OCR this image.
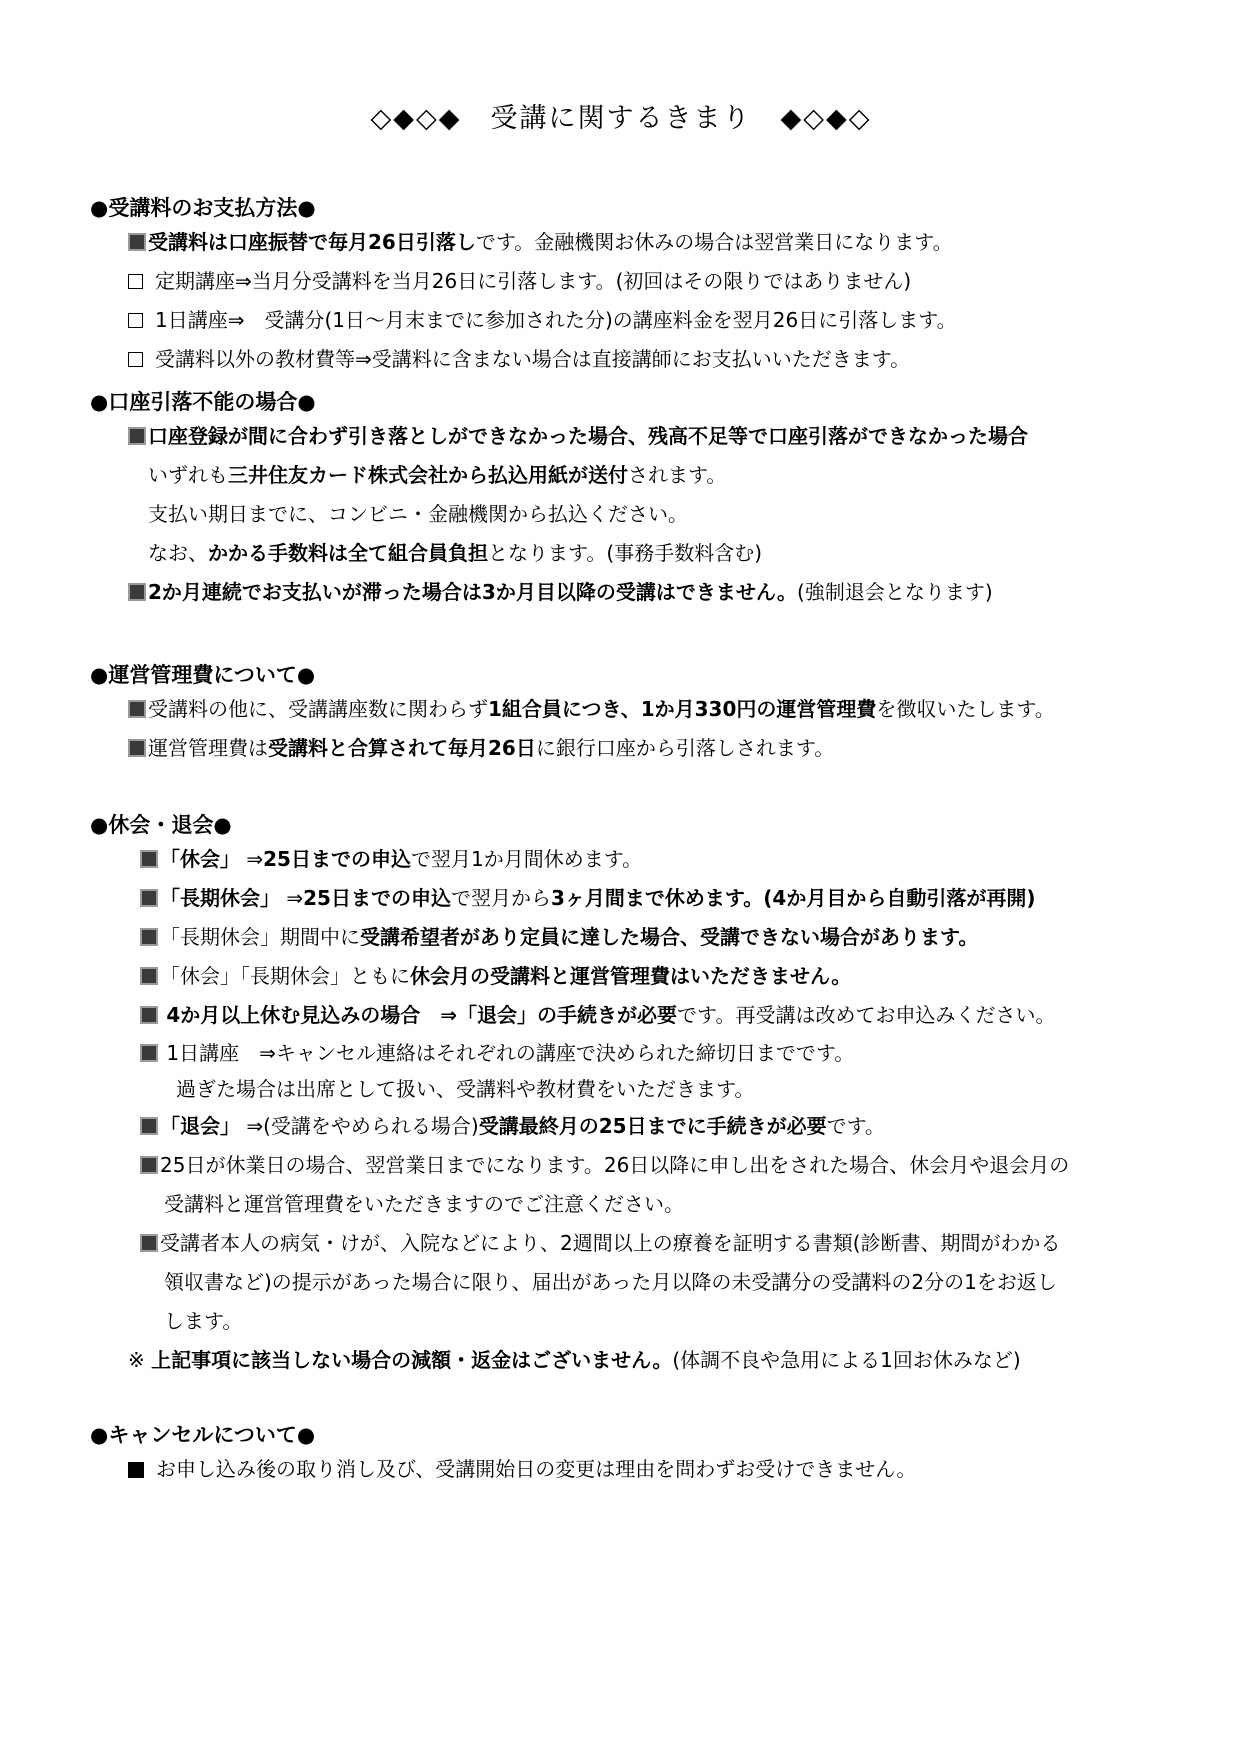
◇◆◇◆　受講に関するきまり　◆◇◆◇
●受講料のお支払方法●
受講料は口座振替で毎月26日引落しです。金融機関お休みの場合は翌営業日になります。
定期講座⇒当月分受講料を当月26日に引落します。(初回はその限りではありません)
1日講座⇒　受講分(1日～月末までに参加された分)の講座料金を翌月26日に引落します。
受講料以外の教材費等⇒受講料に含まない場合は直接講師にお支払いいただきます。
●口座引落不能の場合●
口座登録が間に合わず引き落としができなかった場合、残高不足等で口座引落ができなかった場合
いずれも三井住友カード株式会社から払込用紙が送付されます。
支払い期日までに、コンビニ・金融機関から払込ください。
なお、かかる手数料は全て組合員負担となります。(事務手数料含む)
2か月連続でお支払いが滞った場合は3か月目以降の受講はできません。(強制退会となります)
●運営管理費について●
受講料の他に、受講講座数に関わらず1組合員につき、1か月330円の運営管理費を徴収いたします。
運営管理費は受講料と合算されて毎月26日に銀行口座から引落しされます。
●休会・退会●
「休会」 ⇒25日までの申込で翌月1か月間休めます。
「長期休会」 ⇒25日までの申込で翌月から3ヶ月間まで休めます。(4か月目から自動引落が再開)
「長期休会」期間中に受講希望者があり定員に達した場合、受講できない場合があります。
「休会」「長期休会」ともに休会月の受講料と運営管理費はいただきません。
4か月以上休む見込みの場合　⇒「退会」の手続きが必要です。再受講は改めてお申込みください。
1日講座　⇒キャンセル連絡はそれぞれの講座で決められた締切日までです。
過ぎた場合は出席として扱い、受講料や教材費をいただきます。
「退会」 ⇒(受講をやめられる場合)受講最終月の25日までに手続きが必要です。
25日が休業日の場合、翌営業日までになります。26日以降に申し出をされた場合、休会月や退会月の
受講料と運営管理費をいただきますのでご注意ください。
受講者本人の病気・けが、入院などにより、2週間以上の療養を証明する書類(診断書、期間がわかる
領収書など)の提示があった場合に限り、届出があった月以降の未受講分の受講料の2分の1をお返し
します。
※ 上記事項に該当しない場合の減額・返金はございません。(体調不良や急用による1回お休みなど)
●キャンセルについて●
お申し込み後の取り消し及び、受講開始日の変更は理由を問わずお受けできません。
